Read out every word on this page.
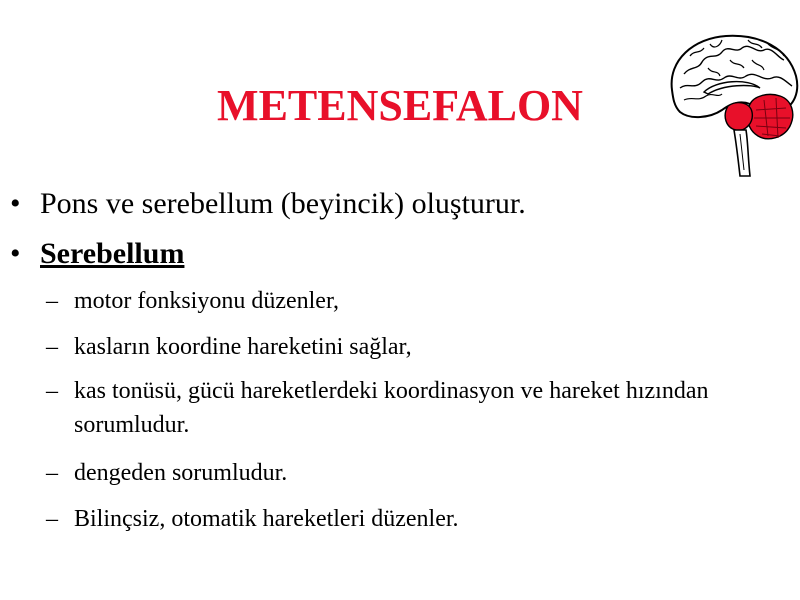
METENSEFALON
• Pons ve serebellum (beyincik) oluşturur.
• Serebellum
– motor fonksiyonu düzenler,
– kasların koordine hareketini sağlar,
– kas tonüsü, gücü hareketlerdeki koordinasyon ve hareket hızından sorumludur.
– dengeden sorumludur.
– Bilinçsiz, otomatik hareketleri düzenler.
